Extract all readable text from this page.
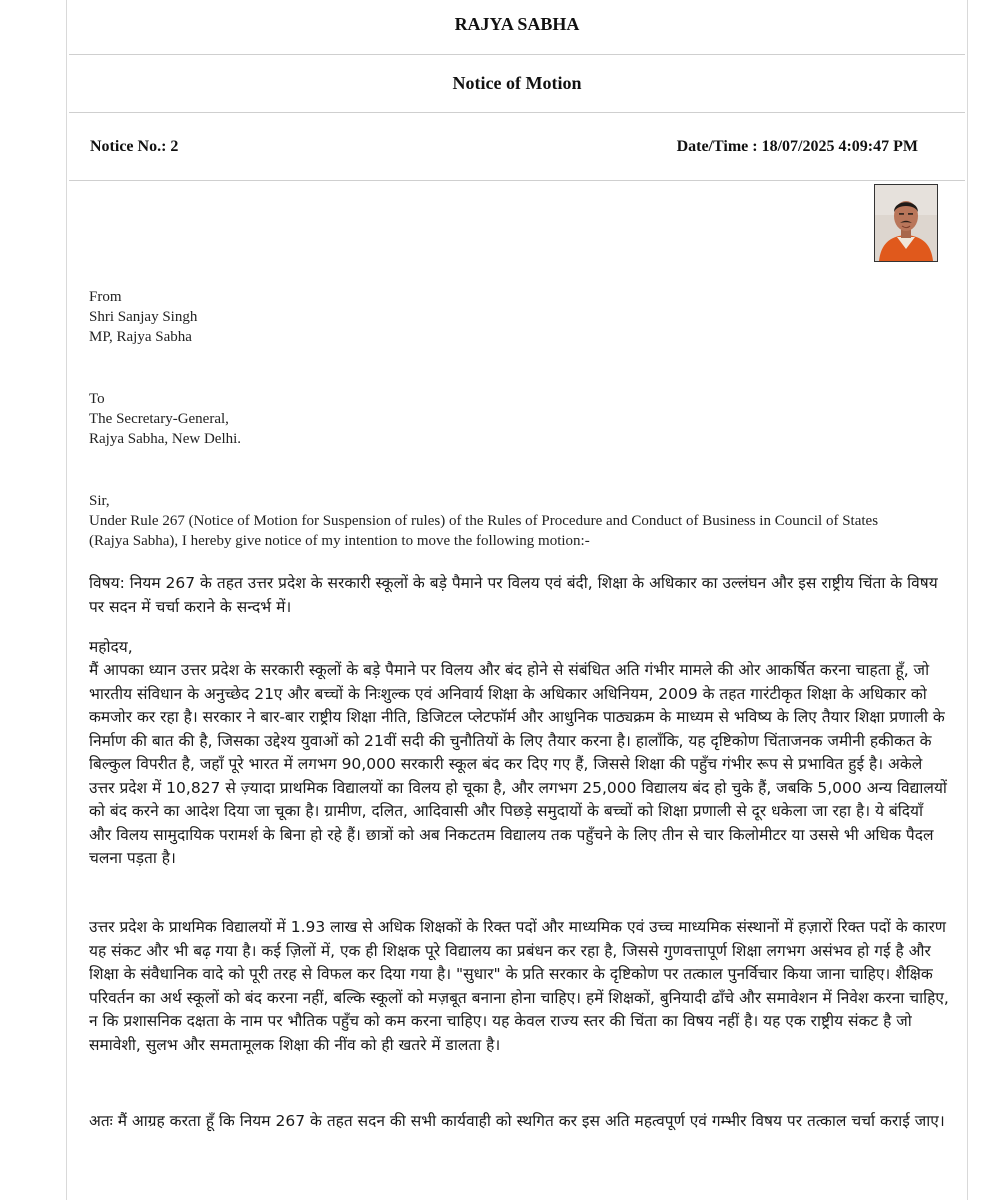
RAJYA SABHA
Notice of Motion
Notice No.: 2	Date/Time : 18/07/2025 4:09:47 PM
From
Shri Sanjay Singh
MP, Rajya Sabha
To
The Secretary-General,
Rajya Sabha, New Delhi.
Sir,
Under Rule 267 (Notice of Motion for Suspension of rules) of the Rules of Procedure and Conduct of Business in Council of States (Rajya Sabha), I hereby give notice of my intention to move the following motion:-
विषय: नियम 267 के तहत उत्तर प्रदेश के सरकारी स्कूलों के बड़े पैमाने पर विलय एवं बंदी, शिक्षा के अधिकार का उल्लंघन और इस राष्ट्रीय चिंता के विषय पर सदन में चर्चा कराने के सन्दर्भ में।
महोदय,
मैं आपका ध्यान उत्तर प्रदेश के सरकारी स्कूलों के बड़े पैमाने पर विलय और बंद होने से संबंधित अति गंभीर मामले की ओर आकर्षित करना चाहता हूँ, जो भारतीय संविधान के अनुच्छेद 21ए और बच्चों के निःशुल्क एवं अनिवार्य शिक्षा के अधिकार अधिनियम, 2009 के तहत गारंटीकृत शिक्षा के अधिकार को कमजोर कर रहा है। सरकार ने बार-बार राष्ट्रीय शिक्षा नीति, डिजिटल प्लेटफॉर्म और आधुनिक पाठ्यक्रम के माध्यम से भविष्य के लिए तैयार शिक्षा प्रणाली के निर्माण की बात की है, जिसका उद्देश्य युवाओं को 21वीं सदी की चुनौतियों के लिए तैयार करना है। हालाँकि, यह दृष्टिकोण चिंताजनक जमीनी हकीकत के बिल्कुल विपरीत है, जहाँ पूरे भारत में लगभग 90,000 सरकारी स्कूल बंद कर दिए गए हैं, जिससे शिक्षा की पहुँच गंभीर रूप से प्रभावित हुई है। अकेले उत्तर प्रदेश में 10,827 से ज़्यादा प्राथमिक विद्यालयों का विलय हो चूका है, और लगभग 25,000 विद्यालय बंद हो चुके हैं, जबकि 5,000 अन्य विद्यालयों को बंद करने का आदेश दिया जा चूका है। ग्रामीण, दलित, आदिवासी और पिछड़े समुदायों के बच्चों को शिक्षा प्रणाली से दूर धकेला जा रहा है। ये बंदियाँ और विलय सामुदायिक परामर्श के बिना हो रहे हैं। छात्रों को अब निकटतम विद्यालय तक पहुँचने के लिए तीन से चार किलोमीटर या उससे भी अधिक पैदल चलना पड़ता है।
उत्तर प्रदेश के प्राथमिक विद्यालयों में 1.93 लाख से अधिक शिक्षकों के रिक्त पदों और माध्यमिक एवं उच्च माध्यमिक संस्थानों में हज़ारों रिक्त पदों के कारण यह संकट और भी बढ़ गया है। कई ज़िलों में, एक ही शिक्षक पूरे विद्यालय का प्रबंधन कर रहा है, जिससे गुणवत्तापूर्ण शिक्षा लगभग असंभव हो गई है और शिक्षा के संवैधानिक वादे को पूरी तरह से विफल कर दिया गया है। "सुधार" के प्रति सरकार के दृष्टिकोण पर तत्काल पुनर्विचार किया जाना चाहिए। शैक्षिक परिवर्तन का अर्थ स्कूलों को बंद करना नहीं, बल्कि स्कूलों को मज़बूत बनाना होना चाहिए। हमें शिक्षकों, बुनियादी ढाँचे और समावेशन में निवेश करना चाहिए, न कि प्रशासनिक दक्षता के नाम पर भौतिक पहुँच को कम करना चाहिए। यह केवल राज्य स्तर की चिंता का विषय नहीं है। यह एक राष्ट्रीय संकट है जो समावेशी, सुलभ और समतामूलक शिक्षा की नींव को ही खतरे में डालता है।
अतः मैं आग्रह करता हूँ कि नियम 267 के तहत सदन की सभी कार्यवाही को स्थगित कर इस अति महत्वपूर्ण एवं गम्भीर विषय पर तत्काल चर्चा कराई जाए।
